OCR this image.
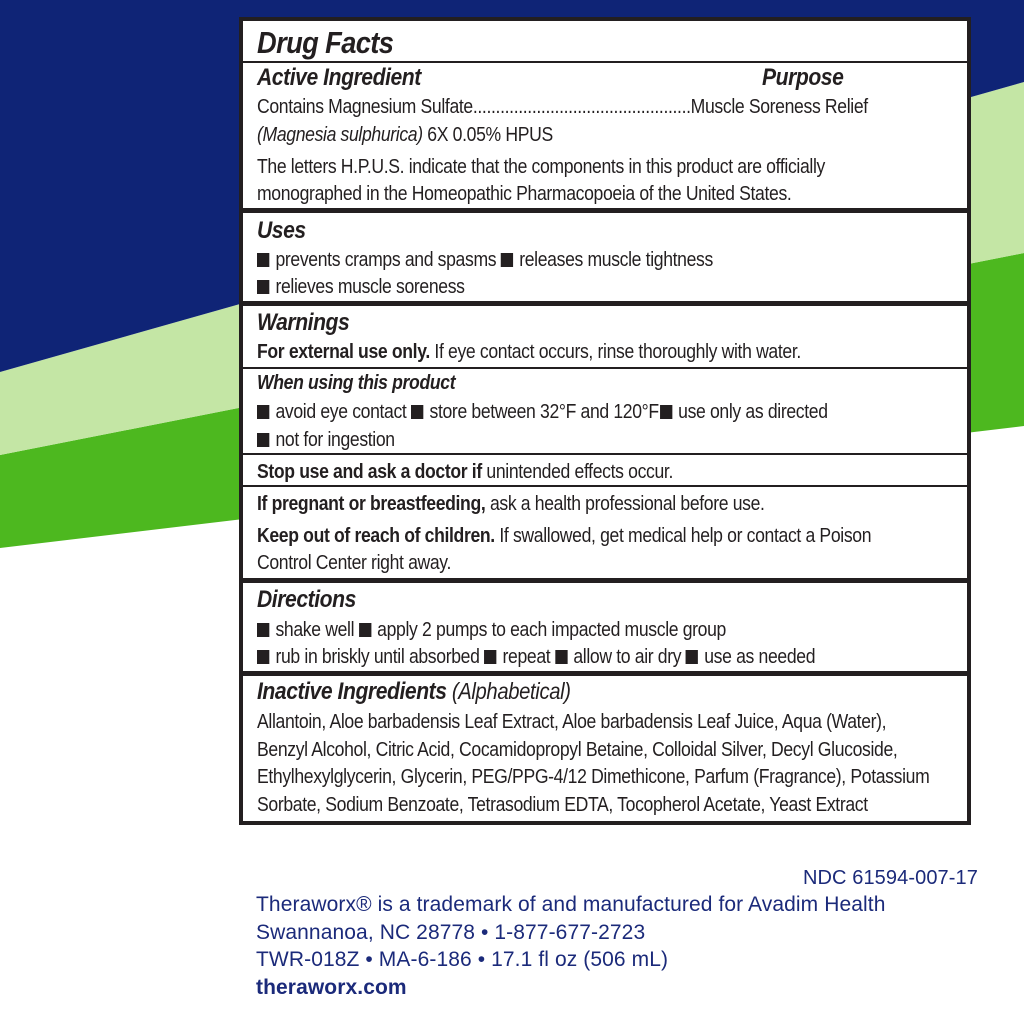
Drug Facts
Active Ingredient	Purpose
Contains Magnesium Sulfate................................................Muscle Soreness Relief
(Magnesia sulphurica) 6X 0.05% HPUS
The letters H.P.U.S. indicate that the components in this product are officially
monographed in the Homeopathic Pharmacopoeia of the United States.
Uses
prevents cramps and spasms releases muscle tightness
relieves muscle soreness
Warnings
For external use only. If eye contact occurs, rinse thoroughly with water.
When using this product
avoid eye contact store between 32°F and 120°F use only as directed
not for ingestion
Stop use and ask a doctor if unintended effects occur.
If pregnant or breastfeeding, ask a health professional before use.
Keep out of reach of children. If swallowed, get medical help or contact a Poison
Control Center right away.
Directions
shake well apply 2 pumps to each impacted muscle group
rub in briskly until absorbed repeat allow to air dry use as needed
Inactive Ingredients (Alphabetical)
Allantoin, Aloe barbadensis Leaf Extract, Aloe barbadensis Leaf Juice, Aqua (Water),
Benzyl Alcohol, Citric Acid, Cocamidopropyl Betaine, Colloidal Silver, Decyl Glucoside,
Ethylhexylglycerin, Glycerin, PEG/PPG-4/12 Dimethicone, Parfum (Fragrance), Potassium
Sorbate, Sodium Benzoate, Tetrasodium EDTA, Tocopherol Acetate, Yeast Extract
NDC 61594-007-17
Theraworx® is a trademark of and manufactured for Avadim Health
Swannanoa, NC 28778 • 1-877-677-2723
TWR-018Z • MA-6-186 • 17.1 fl oz (506 mL)
theraworx.com
